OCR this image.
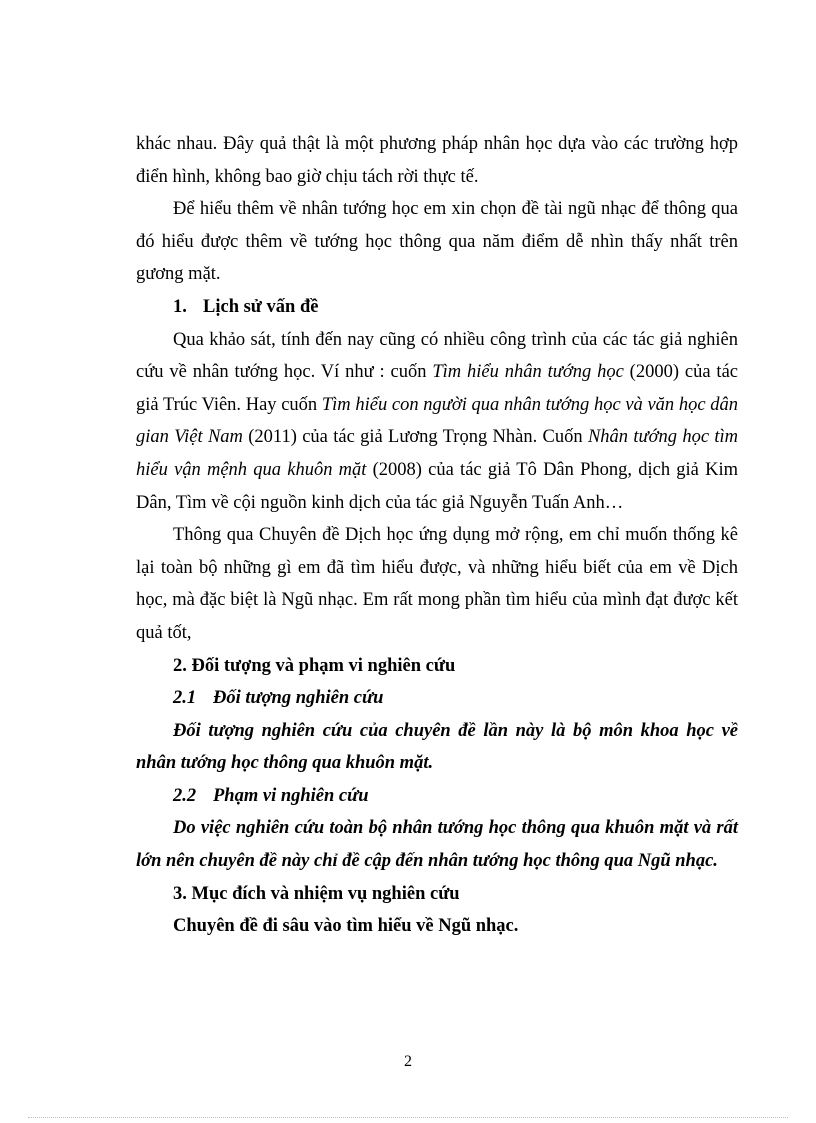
khác nhau. Đây quả thật là một phương pháp nhân học dựa vào các trường hợp điển hình, không bao giờ chịu tách rời thực tế.

Để hiểu thêm về nhân tướng học em xin chọn đề tài ngũ nhạc để thông qua đó hiểu được thêm về tướng học thông qua năm điểm dễ nhìn thấy nhất trên gương mặt.

1. Lịch sử vấn đề

Qua khảo sát, tính đến nay cũng có nhiều công trình của các tác giả nghiên cứu về nhân tướng học. Ví như : cuốn Tìm hiểu nhân tướng học (2000) của tác giả Trúc Viên. Hay cuốn Tìm hiểu con người qua nhân tướng học và văn học dân gian Việt Nam (2011) của tác giả Lương Trọng Nhàn. Cuốn Nhân tướng học tìm hiểu vận mệnh qua khuôn mặt (2008) của tác giả Tô Dân Phong, dịch giả Kim Dân, Tìm về cội nguồn kinh dịch của tác giả Nguyễn Tuấn Anh…

Thông qua Chuyên đề Dịch học ứng dụng mở rộng, em chỉ muốn thống kê lại toàn bộ những gì em đã tìm hiểu được, và những hiểu biết của em về Dịch học, mà đặc biệt là Ngũ nhạc. Em rất mong phần tìm hiểu của mình đạt được kết quả tốt,

2. Đối tượng và phạm vi nghiên cứu

2.1 Đối tượng nghiên cứu

Đối tượng nghiên cứu của chuyên đề lần này là bộ môn khoa học về nhân tướng học thông qua khuôn mặt.

2.2 Phạm vi nghiên cứu

Do việc nghiên cứu toàn bộ nhân tướng học thông qua khuôn mặt và rất lớn nên chuyên đề này chỉ đề cập đến nhân tướng học thông qua Ngũ nhạc.

3. Mục đích và nhiệm vụ nghiên cứu

Chuyên đề đi sâu vào tìm hiểu về Ngũ nhạc.

2
